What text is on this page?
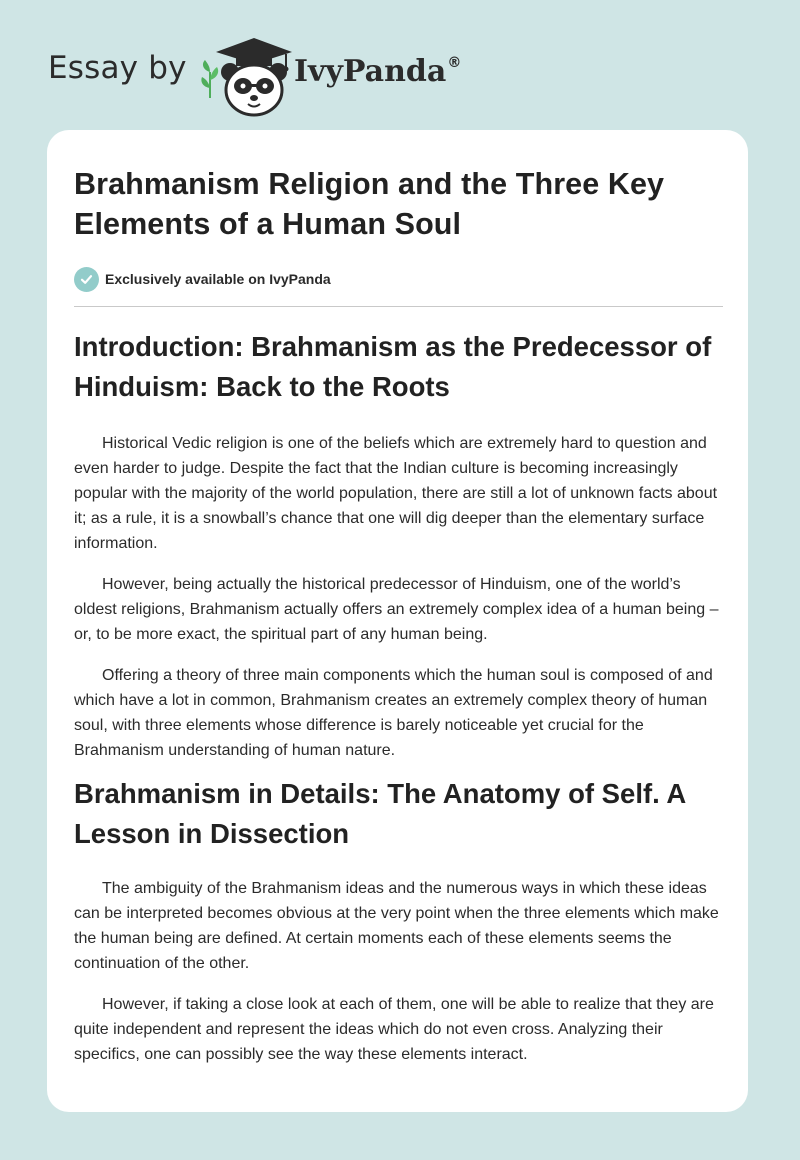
Essay by	IvyPanda®
Brahmanism Religion and the Three Key Elements of a Human Soul
Exclusively available on IvyPanda
Introduction: Brahmanism as the Predecessor of Hinduism: Back to the Roots

Historical Vedic religion is one of the beliefs which are extremely hard to question and even harder to judge. Despite the fact that the Indian culture is becoming increasingly popular with the majority of the world population, there are still a lot of unknown facts about it; as a rule, it is a snowball’s chance that one will dig deeper than the elementary surface information.

However, being actually the historical predecessor of Hinduism, one of the world’s oldest religions, Brahmanism actually offers an extremely complex idea of a human being – or, to be more exact, the spiritual part of any human being.

Offering a theory of three main components which the human soul is composed of and which have a lot in common, Brahmanism creates an extremely complex theory of human soul, with three elements whose difference is barely noticeable yet crucial for the Brahmanism understanding of human nature.

Brahmanism in Details: The Anatomy of Self. A Lesson in Dissection

The ambiguity of the Brahmanism ideas and the numerous ways in which these ideas can be interpreted becomes obvious at the very point when the three elements which make the human being are defined. At certain moments each of these elements seems the continuation of the other.

However, if taking a close look at each of them, one will be able to realize that they are quite independent and represent the ideas which do not even cross. Analyzing their specifics, one can possibly see the way these elements interact.
